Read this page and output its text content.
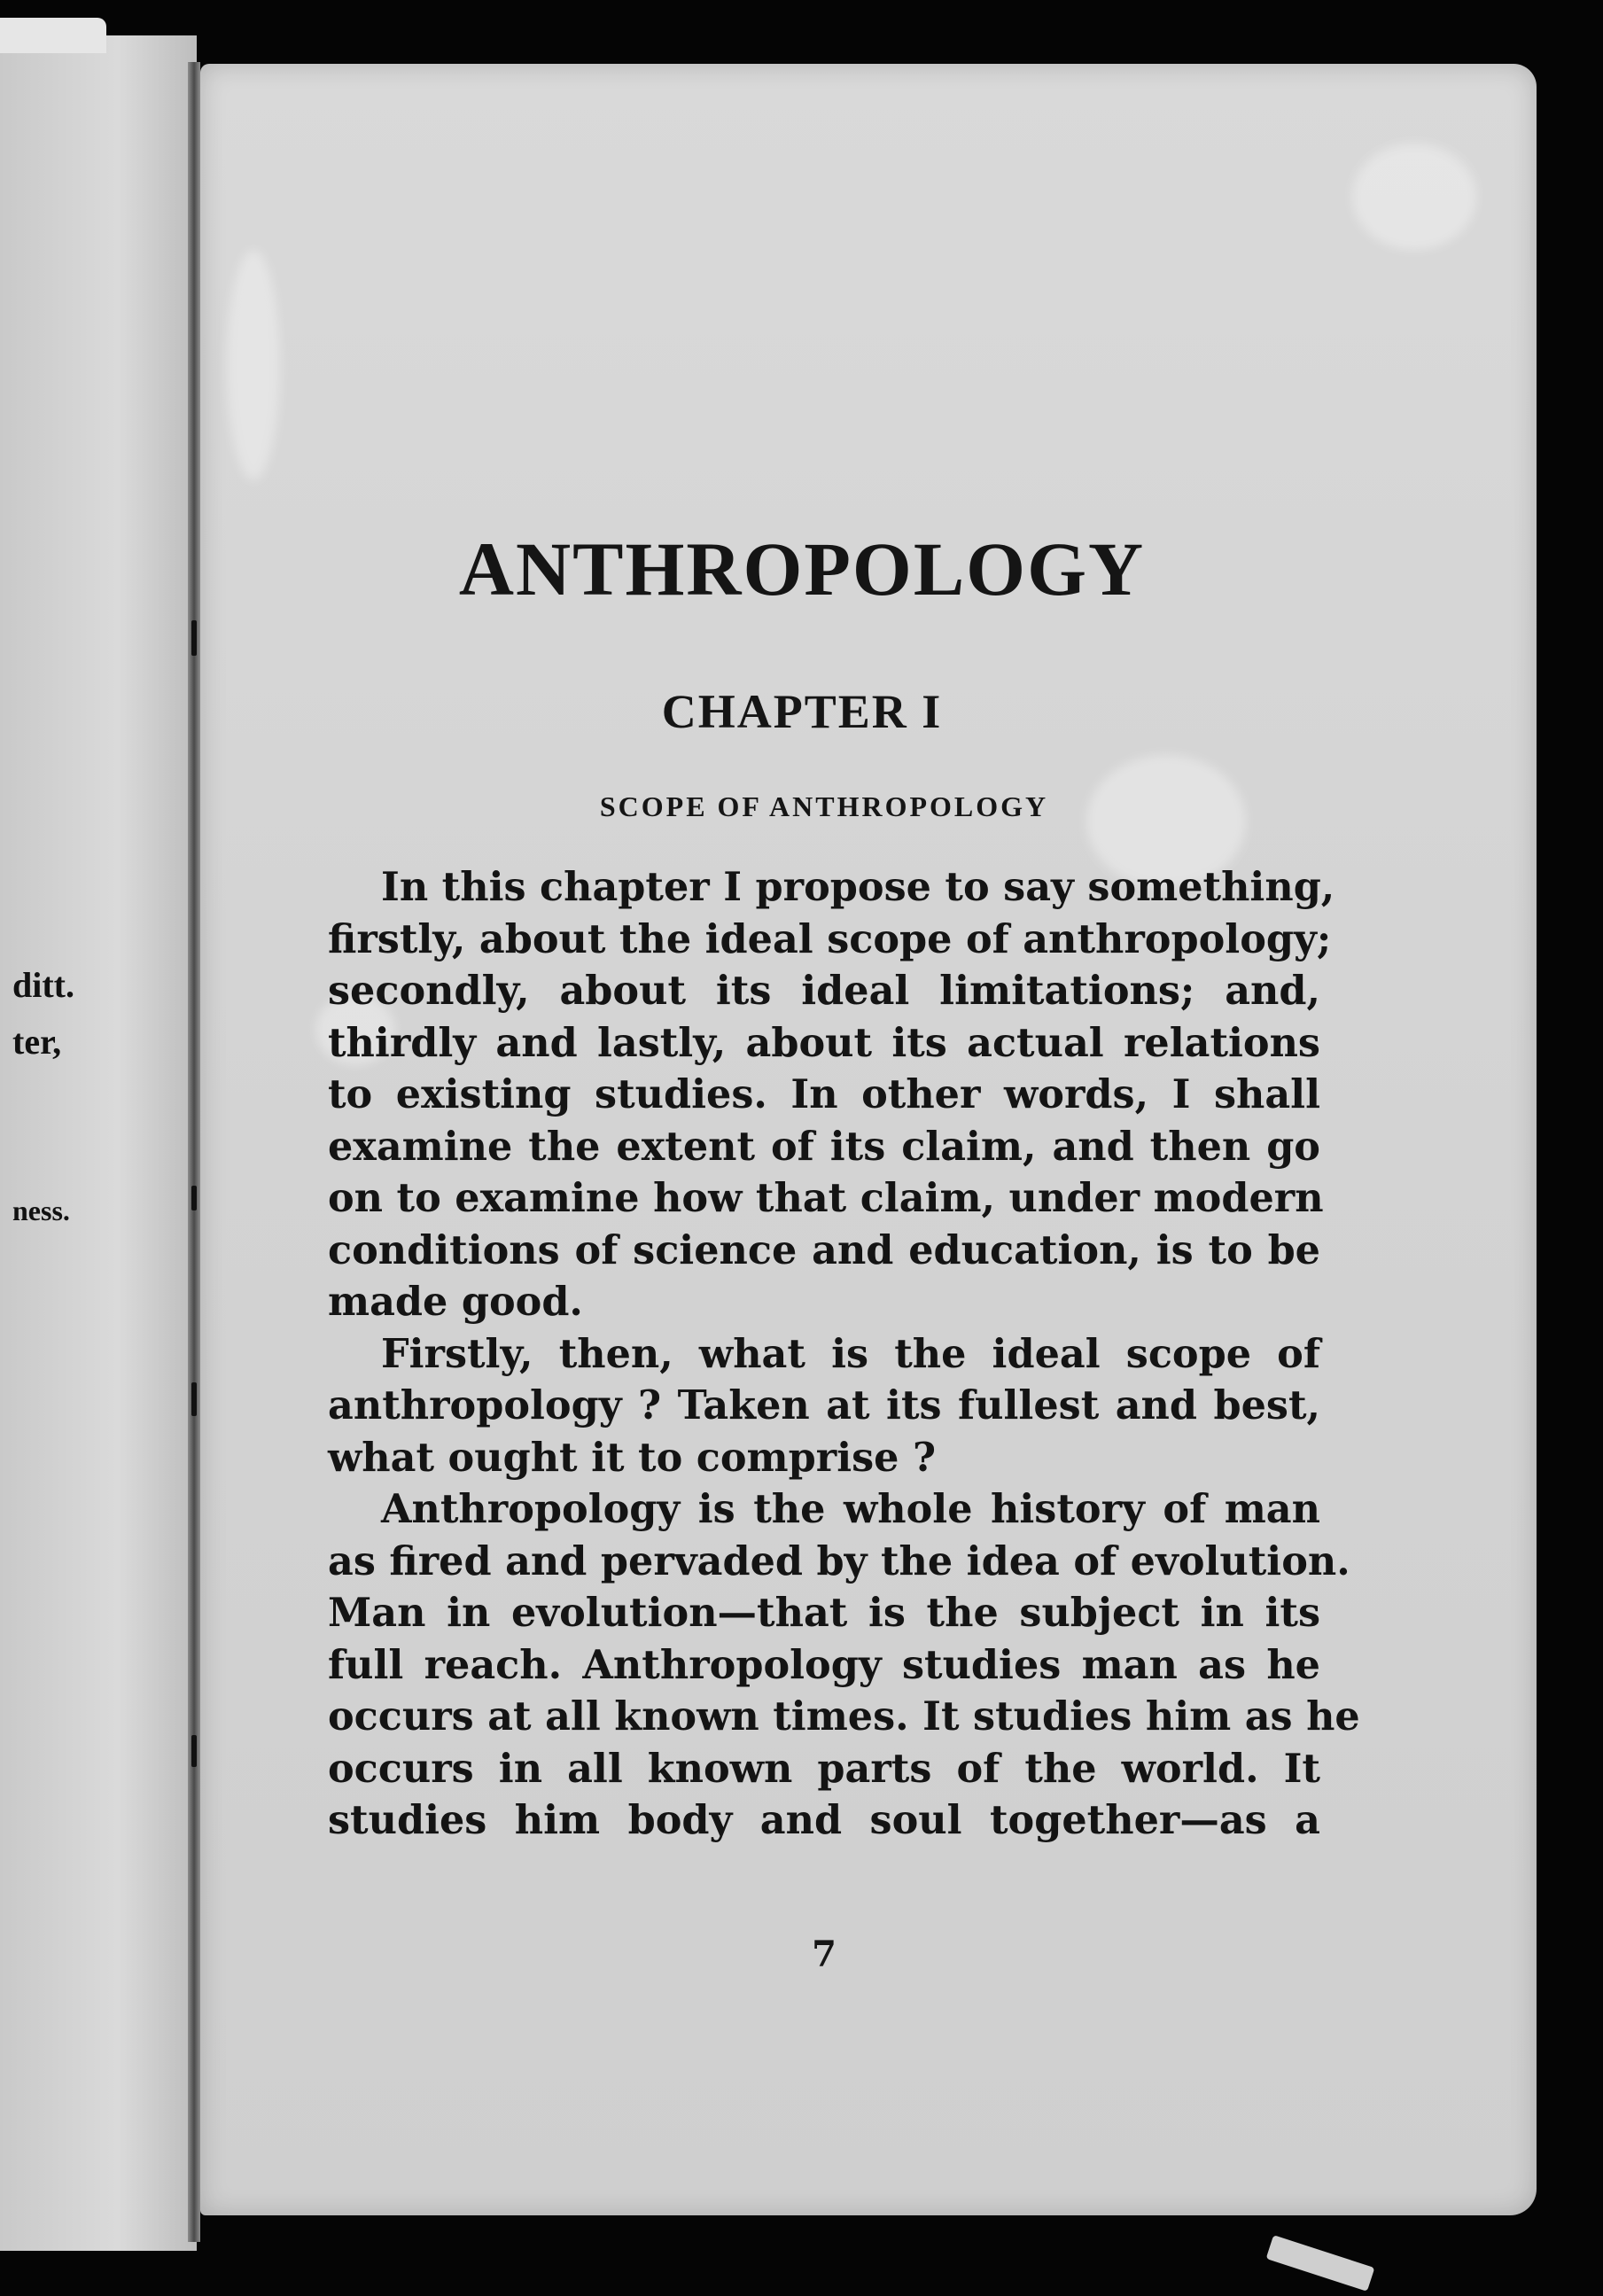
ditt.

ter,

ness.

ANTHROPOLOGY
CHAPTER I
SCOPE OF ANTHROPOLOGY

In this chapter I propose to say something,

firstly, about the ideal scope of anthropology;

secondly, about its ideal limitations; and,

thirdly and lastly, about its actual relations

to existing studies. In other words, I shall

examine the extent of its claim, and then go

on to examine how that claim, under modern

conditions of science and education, is to be

made good.

Firstly, then, what is the ideal scope of

anthropology ? Taken at its fullest and best,

what ought it to comprise ?

Anthropology is the whole history of man

as fired and pervaded by the idea of evolution.

Man in evolution—that is the subject in its

full reach. Anthropology studies man as he

occurs at all known times. It studies him as he

occurs in all known parts of the world. It

studies him body and soul together—as a

7
